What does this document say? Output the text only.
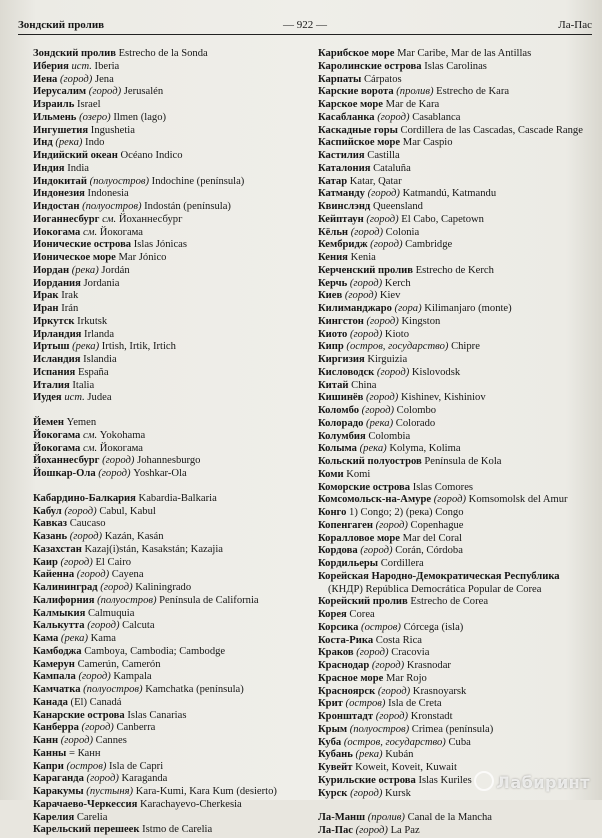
Зондский пролив	— 922 —	Ла-Пас
Зондский пролив Estrecho de la Sonda
Иберия ист. Iberia
Иена (город) Jena
Иерусалим (город) Jerusalén
Израиль Israel
Ильмень (озеро) Ilmen (lago)
Ингушетия Ingushetia
Инд (река) Indo
Индийский океан Océano Indico
Индия India
Индокитай (полуостров) Indochine (península)
Индонезия Indonesia
Индостан (полуостров) Indostán (península)
Иоганнесбург см. Йоханнесбург
Иокогама см. Йокогама
Ионические острова Islas Jónicas
Ионическое море Mar Jónico
Иордан (река) Jordán
Иордания Jordania
Ирак Irak
Иран Irán
Иркутск Irkutsk
Ирландия Irlanda
Иртыш (река) Irtish, Irtik, Irtich
Исландия Islandia
Испания España
Италия Italia
Иудея ист. Judea
Йемен Yemen
Йокогама см. Yokohama
Йокогама см. Йокогама
Йоханнесбург (город) Johannesburgo
Йошкар-Ола (город) Yoshkar-Ola
Кабардино-Балкария Kabardia-Balkaria
Кабул (город) Cabul, Kabul
Кавказ Caucaso
Казань (город) Kazán, Kasán
Казахстан Kazaj(i)stán, Kasakstán; Kazajia
Каир (город) El Cairo
Кайенна (город) Cayena
Калининград (город) Kaliningrado
Калифорния (полуостров) Península de California
Калмыкия Calmuquia
Калькутта (город) Calcuta
Кама (река) Kama
Камбоджа Camboya, Cambodia; Cambodge
Камерун Camerún, Camerón
Кампала (город) Kampala
Камчатка (полуостров) Kamchatka (península)
Канада (El) Canadá
Канарские острова Islas Canarias
Канберра (город) Canberra
Канн (город) Cannes
Канны = Канн
Капри (остров) Isla de Capri
Караганда (город) Karaganda
Каракумы (пустыня) Kara-Kumi, Kara Kum (desierto)
Карачаево-Черкессия Karachayevo-Cherkesia
Карелия Carelia
Карельский перешеек Istmo de Carelia
Карибское море Mar Caribe, Mar de las Antillas
Каролинские острова Islas Carolinas
Карпаты Cárpatos
Карские ворота (пролив) Estrecho de Kara
Карское море Mar de Kara
Касабланка (город) Casablanca
Каскадные горы Cordillera de las Cascadas, Cascade Range
Каспийское море Mar Caspio
Кастилия Castilla
Каталония Cataluña
Катар Katar, Qatar
Катманду (город) Katmandú, Katmandu
Квинслэнд Queensland
Кейптаун (город) El Cabo, Capetown
Кёльн (город) Colonia
Кембридж (город) Cambridge
Кения Kenia
Керченский пролив Estrecho de Kerch
Керчь (город) Kerch
Киев (город) Kiev
Килиманджаро (гора) Kilimanjaro (monte)
Кингстон (город) Kingston
Киото (город) Kioto
Кипр (остров, государство) Chipre
Киргизия Kirguizia
Кисловодск (город) Kislovodsk
Китай China
Кишинёв (город) Kishinev, Kishiniov
Коломбо (город) Colombo
Колорадо (река) Colorado
Колумбия Colombia
Колыма (река) Kolyma, Kolima
Кольский полуостров Península de Kola
Коми Komi
Коморские острова Islas Comores
Комсомольск-на-Амуре (город) Komsomolsk del Amur
Конго 1) Congo; 2) (река) Congo
Копенгаген (город) Copenhague
Коралловое море Mar del Coral
Кордова (город) Corán, Córdoba
Кордильеры Cordillera
Корейская Народно-Демократическая Республика
(КНДР) República Democrática Popular de Corea
Корейский пролив Estrecho de Corea
Корея Corea
Корсика (остров) Córcega (isla)
Коста-Рика Costa Rica
Краков (город) Cracovia
Краснодар (город) Krasnodar
Красное море Mar Rojo
Красноярск (город) Krasnoyarsk
Крит (остров) Isla de Creta
Кронштадт (город) Kronstadt
Крым (полуостров) Crimea (península)
Куба (остров, государство) Cuba
Кубань (река) Kubán
Кувейт Koweit, Koveit, Kuwait
Курильские острова Islas Kuriles
Курск (город) Kursk
Ла-Манш (пролив) Canal de la Mancha
Ла-Пас (город) La Paz
Лабиринт
